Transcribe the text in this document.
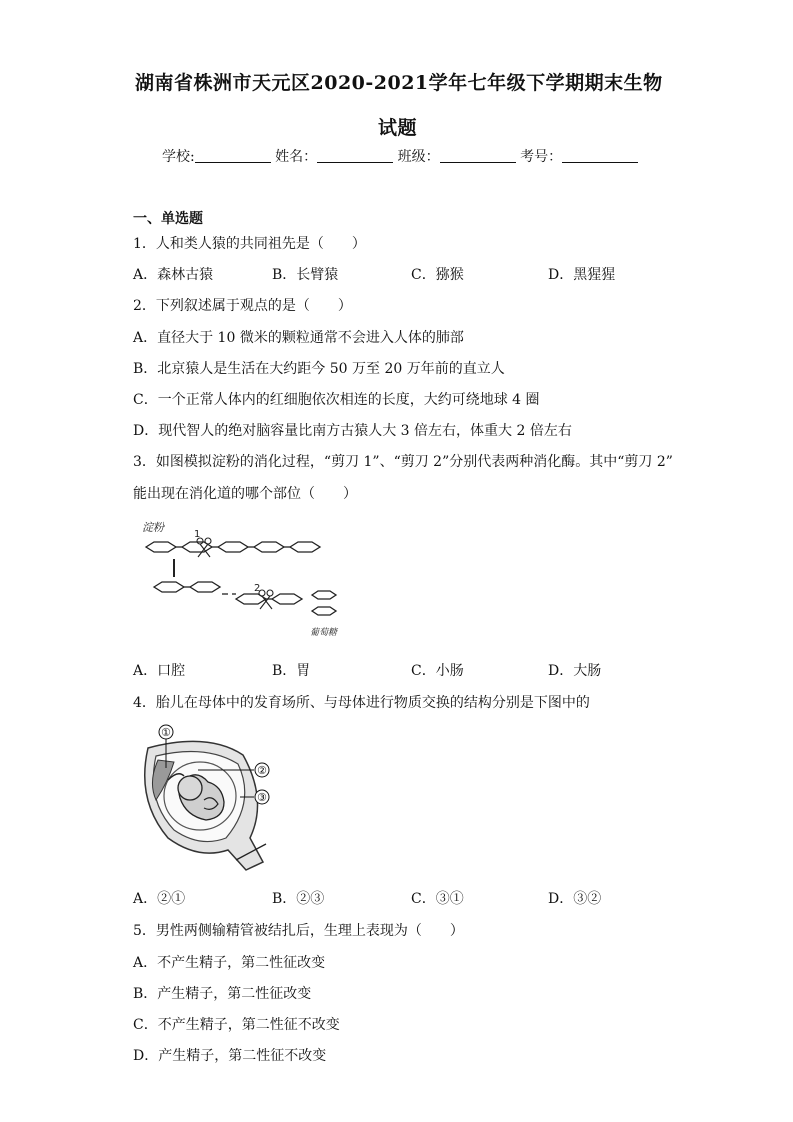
湖南省株洲市天元区2020-2021学年七年级下学期期末生物
试题
学校:	姓名：	班级：	考号：
一、单选题
1．人和类人猿的共同祖先是（　　）
A．森林古猿	B．长臂猿	C．猕猴	D．黑猩猩
2．下列叙述属于观点的是（　　）
A．直径大于 10 微米的颗粒通常不会进入人体的肺部
B．北京猿人是生活在大约距今 50 万至 20 万年前的直立人
C．一个正常人体内的红细胞依次相连的长度，大约可绕地球 4 圈
D．现代智人的绝对脑容量比南方古猿人大 3 倍左右，体重大 2 倍左右
3．如图模拟淀粉的消化过程，“剪刀 1”、“剪刀 2”分别代表两种消化酶。其中“剪刀 2”
能出现在消化道的哪个部位（　　）
淀粉
1
2
葡萄糖
A．口腔	B．胃	C．小肠	D．大肠
4．胎儿在母体中的发育场所、与母体进行物质交换的结构分别是下图中的
①
②
③
A．②①	B．②③	C．③①	D．③②
5．男性两侧输精管被结扎后，生理上表现为（　　）
A．不产生精子，第二性征改变
B．产生精子，第二性征改变
C．不产生精子，第二性征不改变
D．产生精子，第二性征不改变
